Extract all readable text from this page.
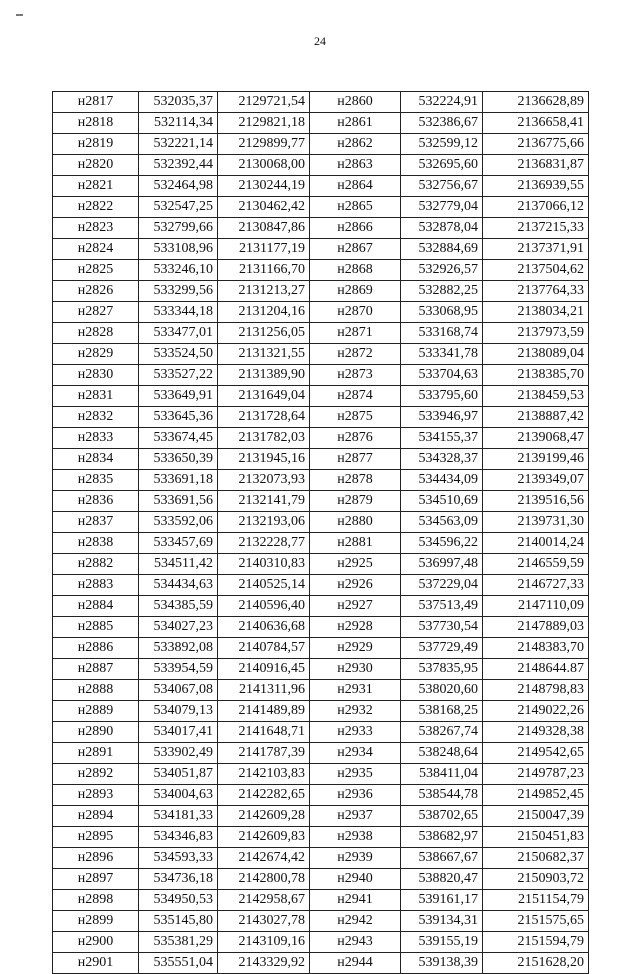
24
н2817	532035,37	2129721,54	н2860	532224,91	2136628,89
н2818	532114,34	2129821,18	н2861	532386,67	2136658,41
н2819	532221,14	2129899,77	н2862	532599,12	2136775,66
н2820	532392,44	2130068,00	н2863	532695,60	2136831,87
н2821	532464,98	2130244,19	н2864	532756,67	2136939,55
н2822	532547,25	2130462,42	н2865	532779,04	2137066,12
н2823	532799,66	2130847,86	н2866	532878,04	2137215,33
н2824	533108,96	2131177,19	н2867	532884,69	2137371,91
н2825	533246,10	2131166,70	н2868	532926,57	2137504,62
н2826	533299,56	2131213,27	н2869	532882,25	2137764,33
н2827	533344,18	2131204,16	н2870	533068,95	2138034,21
н2828	533477,01	2131256,05	н2871	533168,74	2137973,59
н2829	533524,50	2131321,55	н2872	533341,78	2138089,04
н2830	533527,22	2131389,90	н2873	533704,63	2138385,70
н2831	533649,91	2131649,04	н2874	533795,60	2138459,53
н2832	533645,36	2131728,64	н2875	533946,97	2138887,42
н2833	533674,45	2131782,03	н2876	534155,37	2139068,47
н2834	533650,39	2131945,16	н2877	534328,37	2139199,46
н2835	533691,18	2132073,93	н2878	534434,09	2139349,07
н2836	533691,56	2132141,79	н2879	534510,69	2139516,56
н2837	533592,06	2132193,06	н2880	534563,09	2139731,30
н2838	533457,69	2132228,77	н2881	534596,22	2140014,24
н2882	534511,42	2140310,83	н2925	536997,48	2146559,59
н2883	534434,63	2140525,14	н2926	537229,04	2146727,33
н2884	534385,59	2140596,40	н2927	537513,49	2147110,09
н2885	534027,23	2140636,68	н2928	537730,54	2147889,03
н2886	533892,08	2140784,57	н2929	537729,49	2148383,70
н2887	533954,59	2140916,45	н2930	537835,95	2148644.87
н2888	534067,08	2141311,96	н2931	538020,60	2148798,83
н2889	534079,13	2141489,89	н2932	538168,25	2149022,26
н2890	534017,41	2141648,71	н2933	538267,74	2149328,38
н2891	533902,49	2141787,39	н2934	538248,64	2149542,65
н2892	534051,87	2142103,83	н2935	538411,04	2149787,23
н2893	534004,63	2142282,65	н2936	538544,78	2149852,45
н2894	534181,33	2142609,28	н2937	538702,65	2150047,39
н2895	534346,83	2142609,83	н2938	538682,97	2150451,83
н2896	534593,33	2142674,42	н2939	538667,67	2150682,37
н2897	534736,18	2142800,78	н2940	538820,47	2150903,72
н2898	534950,53	2142958,67	н2941	539161,17	2151154,79
н2899	535145,80	2143027,78	н2942	539134,31	2151575,65
н2900	535381,29	2143109,16	н2943	539155,19	2151594,79
н2901	535551,04	2143329,92	н2944	539138,39	2151628,20
